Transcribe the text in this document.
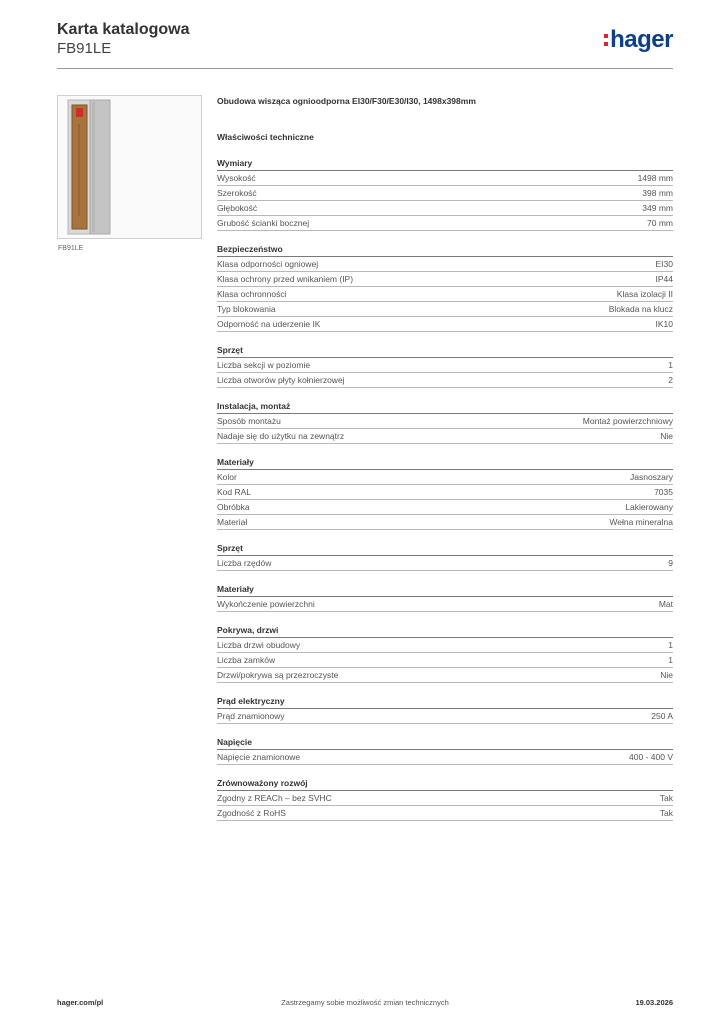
Karta katalogowa
FB91LE	hager
FB91LE
Obudowa wisząca ognioodporna EI30/F30/E30/I30, 1498x398mm
Właściwości techniczne
Wymiary
Wysokość	1498 mm
Szerokość	398 mm
Głębokość	349 mm
Grubość ścianki bocznej	70 mm
Bezpieczeństwo
Klasa odporności ogniowej	EI30
Klasa ochrony przed wnikaniem (IP)	IP44
Klasa ochronności	Klasa izolacji II
Typ blokowania	Blokada na klucz
Odporność na uderzenie IK	IK10
Sprzęt
Liczba sekcji w poziomie	1
Liczba otworów płyty kołnierzowej	2
Instalacja, montaż
Sposób montażu	Montaż powierzchniowy
Nadaje się do użytku na zewnątrz	Nie
Materiały
Kolor	Jasnoszary
Kod RAL	7035
Obróbka	Lakierowany
Materiał	Wełna mineralna
Sprzęt
Liczba rzędów	9
Materiały
Wykończenie powierzchni	Mat
Pokrywa, drzwi
Liczba drzwi obudowy	1
Liczba zamków	1
Drzwi/pokrywa są przezroczyste	Nie
Prąd elektryczny
Prąd znamionowy	250 A
Napięcie
Napięcie znamionowe	400 - 400 V
Zrównoważony rozwój
Zgodny z REACh – bez SVHC	Tak
Zgodność z RoHS	Tak
hager.com/pl	Zastrzegamy sobie możliwość zmian technicznych	19.03.2026
